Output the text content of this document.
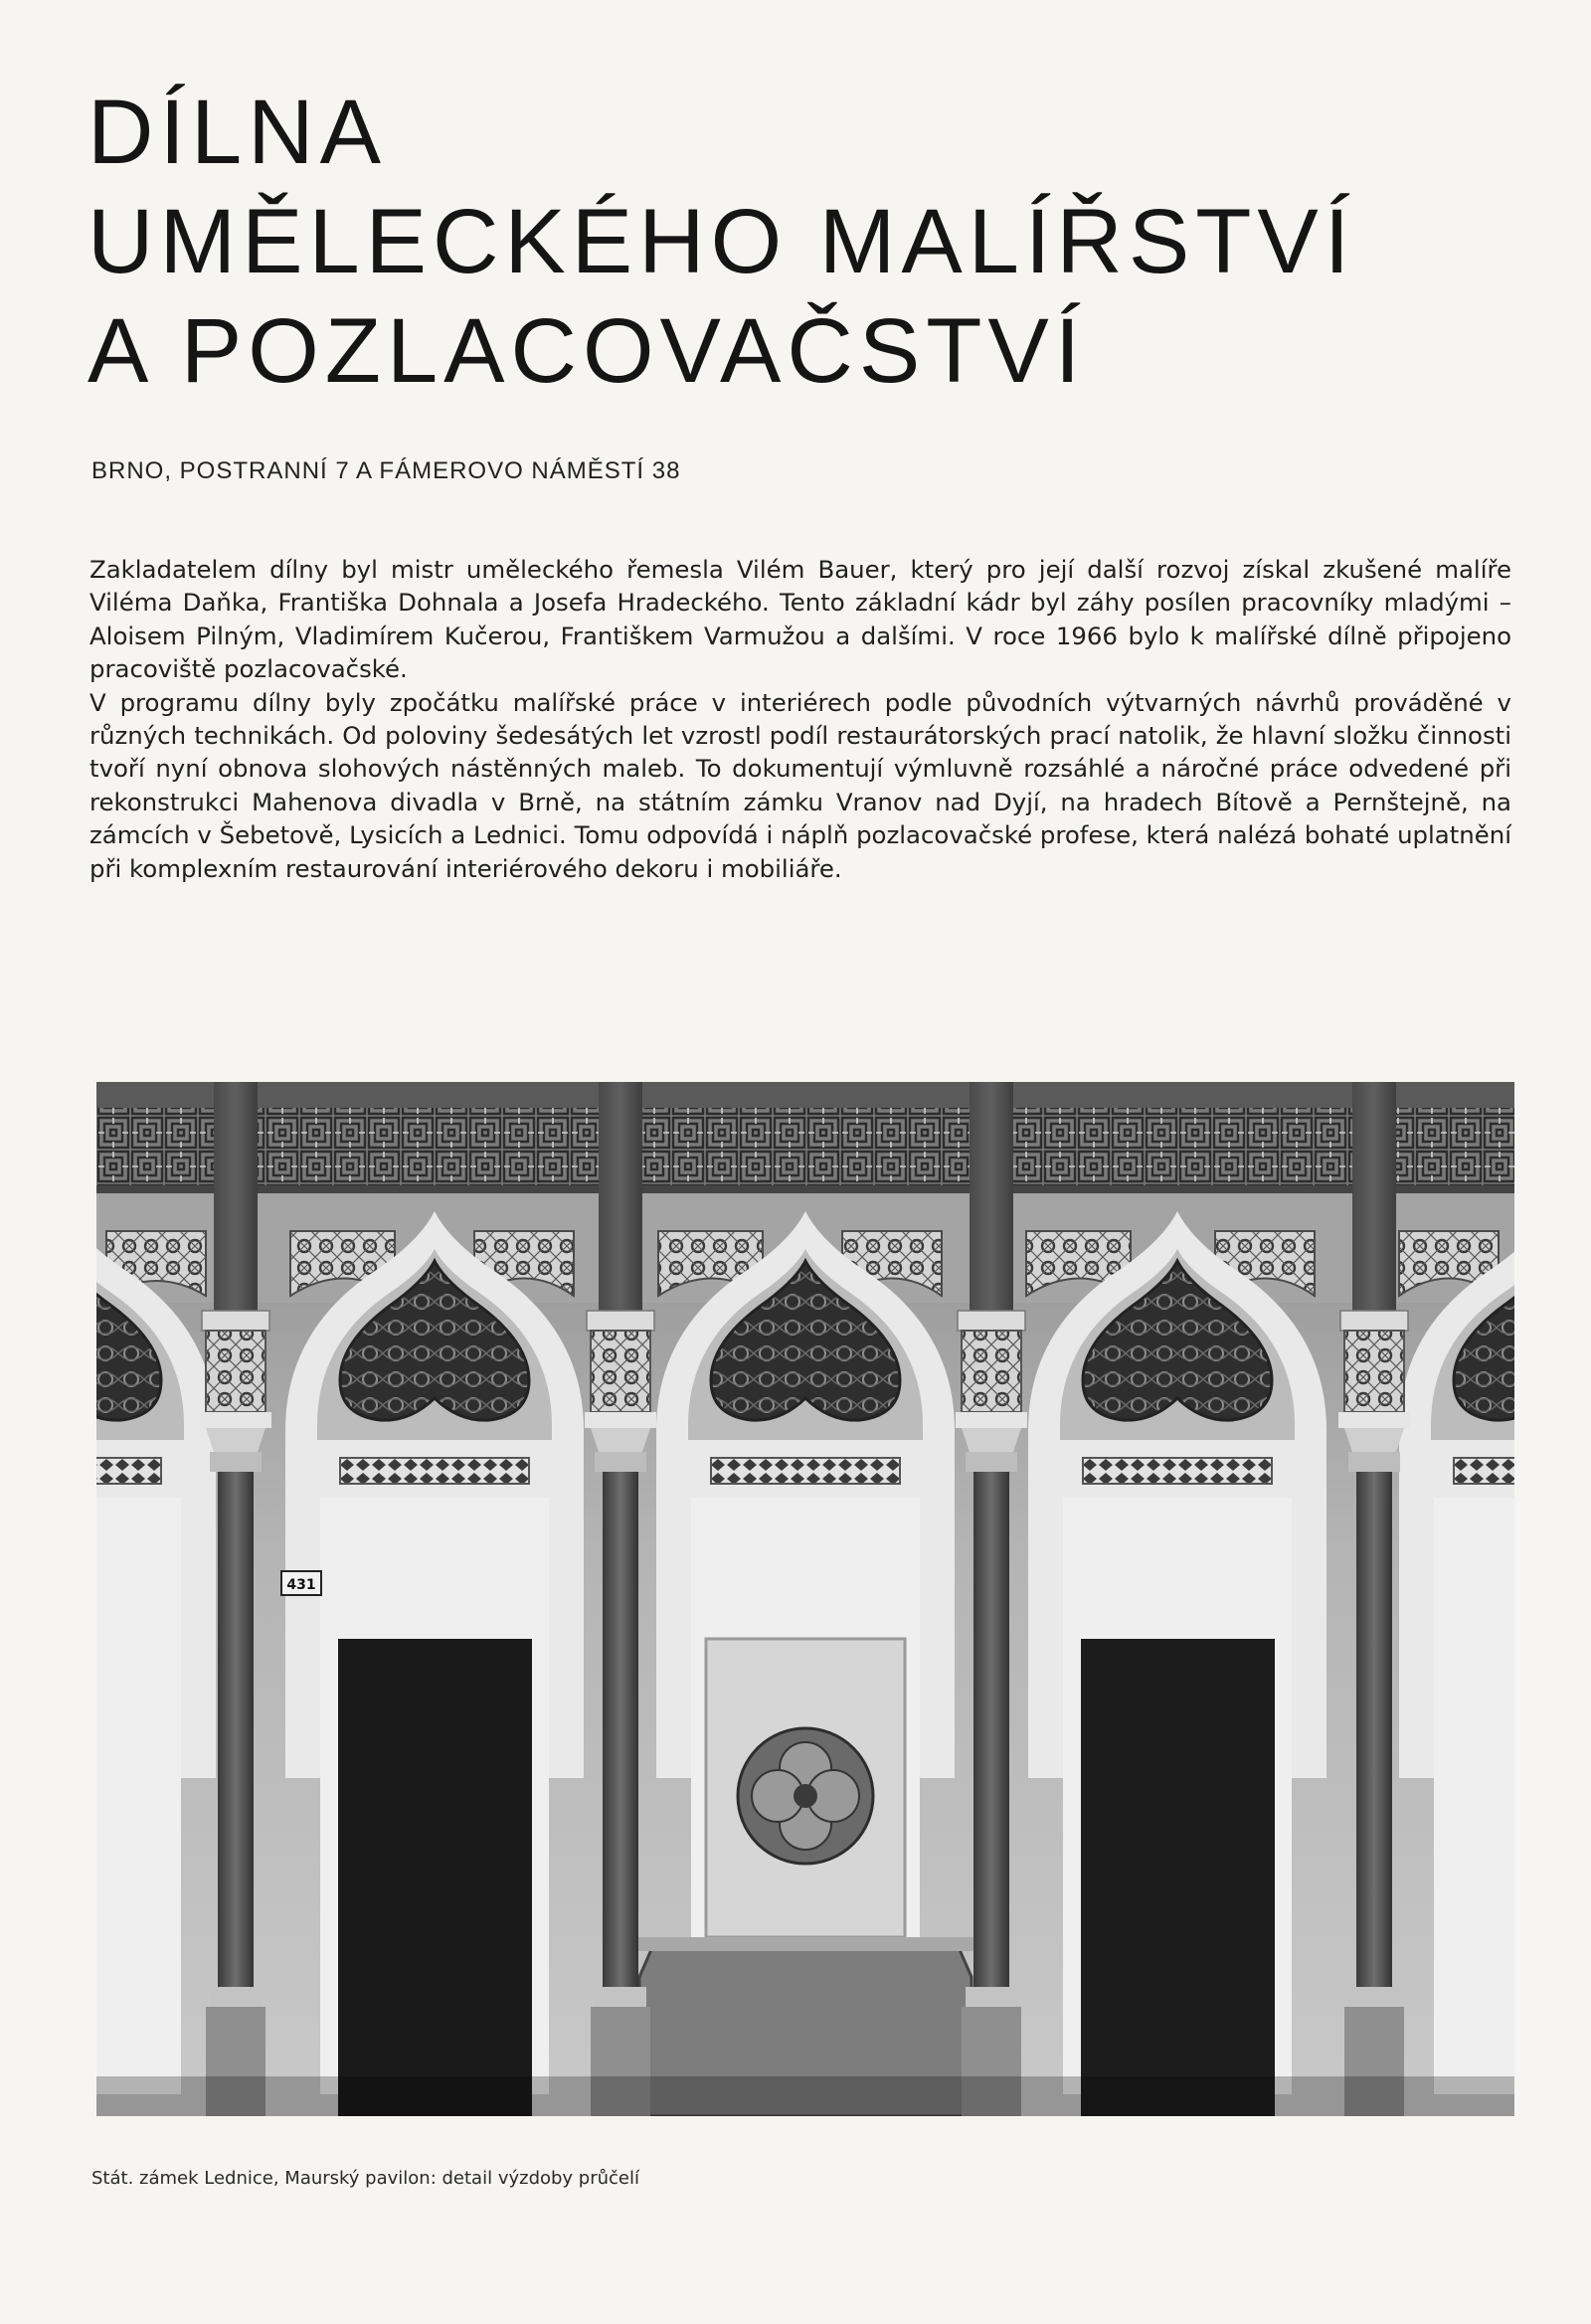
DÍLNA
UMĚLECKÉHO MALÍŘSTVÍ
A POZLACOVAČSTVÍ
BRNO, POSTRANNÍ 7 A FÁMEROVO NÁMĚSTÍ 38

Zakladatelem dílny byl mistr uměleckého řemesla Vilém Bauer, který pro její další rozvoj získal zkušené malíře Viléma Daňka, Františka Dohnala a Josefa Hradeckého. Tento základní kádr byl záhy posílen pracovníky mladými – Aloisem Pilným, Vladimírem Kučerou, Františkem Varmužou a dalšími. V roce 1966 bylo k malířské dílně připojeno pracoviště pozlacovačské.

V programu dílny byly zpočátku malířské práce v interiérech podle původních výtvarných návrhů prováděné v různých technikách. Od poloviny šedesátých let vzrostl podíl restaurátorských prací natolik, že hlavní složku činnosti tvoří nyní obnova slohových nástěnných maleb. To dokumentují výmluvně rozsáhlé a náročné práce odvedené při rekonstrukci Mahenova divadla v Brně, na státním zámku Vranov nad Dyjí, na hradech Bítově a Pernštejně, na zámcích v Šebetově, Lysicích a Lednici. Tomu odpovídá i náplň pozlacovačské profese, která nalézá bohaté uplatnění při komplexním restaurování interiérového dekoru i mobiliáře.

431
Stát. zámek Lednice, Maurský pavilon: detail výzdoby průčelí
